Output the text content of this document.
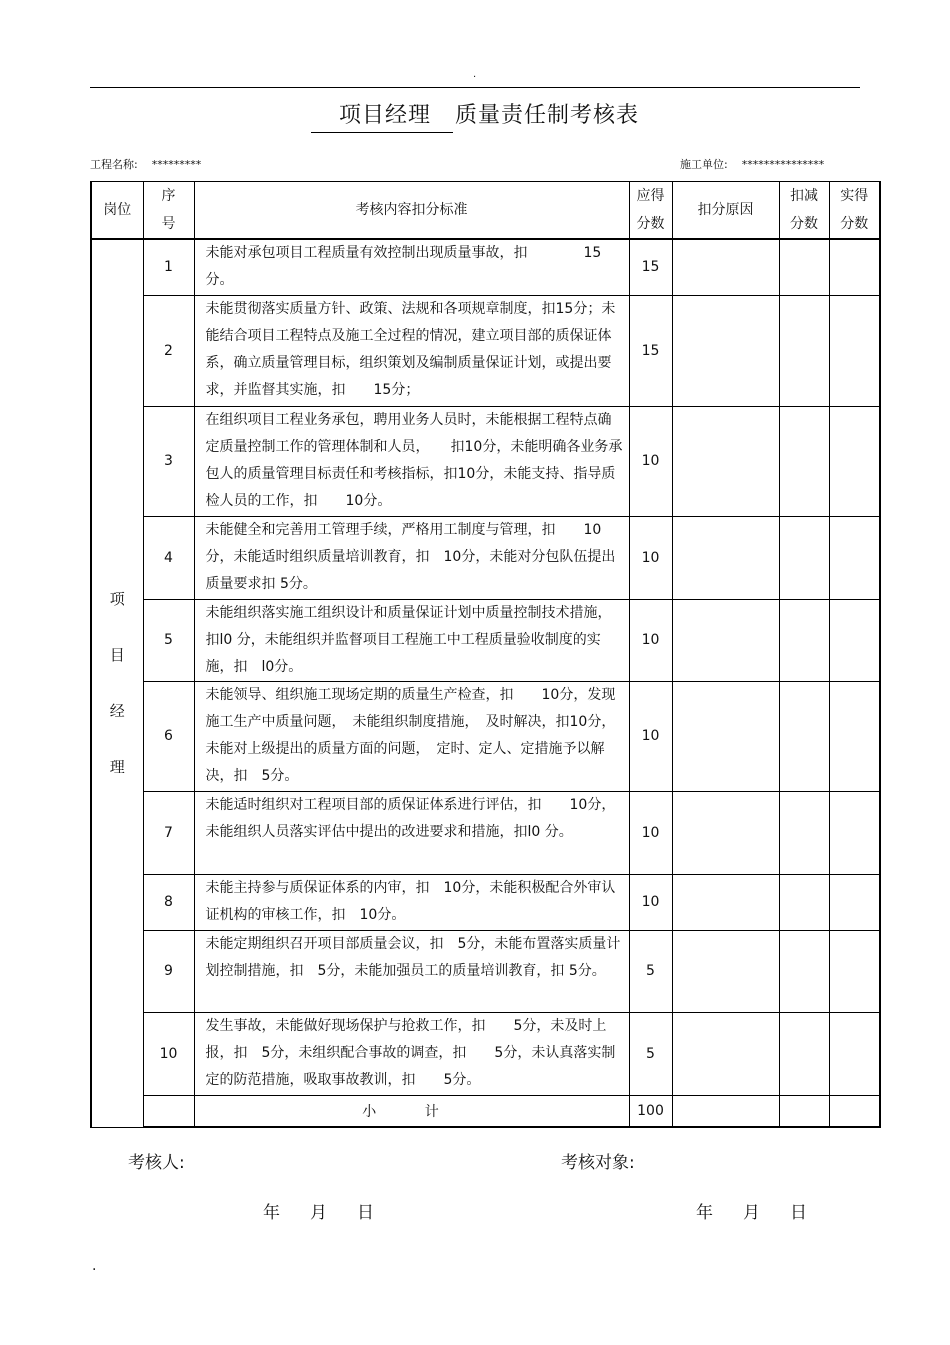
.
项目经理 质量责任制考核表
工程名称: *********	施工单位: ***************
岗位	序号	考核内容扣分标准	应得分数	扣分原因	扣减分数	实得分数

项
目
经
理	1	未能对承包项目工程质量有效控制出现质量事故，扣　　　　15分。	15			
	2	未能贯彻落实质量方针、政策、法规和各项规章制度，扣15分；未能结合项目工程特点及施工全过程的情况，建立项目部的质保证体系，确立质量管理目标，组织策划及编制质量保证计划，或提出要求，并监督其实施，扣　　15分；	15			
	3	在组织项目工程业务承包，聘用业务人员时，未能根据工程特点确定质量控制工作的管理体制和人员，　　扣10分，未能明确各业务承包人的质量管理目标责任和考核指标，扣10分，未能支持、指导质检人员的工作，扣　　10分。	10			
	4	未能健全和完善用工管理手续，严格用工制度与管理，扣　　10分，未能适时组织质量培训教育，扣　10分，未能对分包队伍提出质量要求扣 5分。	10			
	5	未能组织落实施工组织设计和质量保证计划中质量控制技术措施， 扣l0 分，未能组织并监督项目工程施工中工程质量验收制度的实施，扣　l0分。	10			
	6	未能领导、组织施工现场定期的质量生产检查，扣　　10分，发现施工生产中质量问题，　未能组织制度措施，　及时解决，扣10分，未能对上级提出的质量方面的问题，　定时、定人、定措施予以解决，扣　5分。	10			
	7	未能适时组织对工程项目部的质保证体系进行评估，扣　　10分，未能组织人员落实评估中提出的改进要求和措施，扣l0 分。	10			
	8	未能主持参与质保证体系的内审，扣　10分，未能积极配合外审认证机构的审核工作，扣　10分。	10			
	9	未能定期组织召开项目部质量会议，扣　5分，未能布置落实质量计划控制措施，扣　5分，未能加强员工的质量培训教育，扣 5分。	5			
	10	发生事故，未能做好现场保护与抢救工作，扣　　5分，未及时上报，扣　5分，未组织配合事故的调查，扣　　5分，未认真落实制定的防范措施，吸取事故教训，扣　　5分。	5			
		小 计	100			
考核人:	考核对象:
年 月 日	年 月 日
.
